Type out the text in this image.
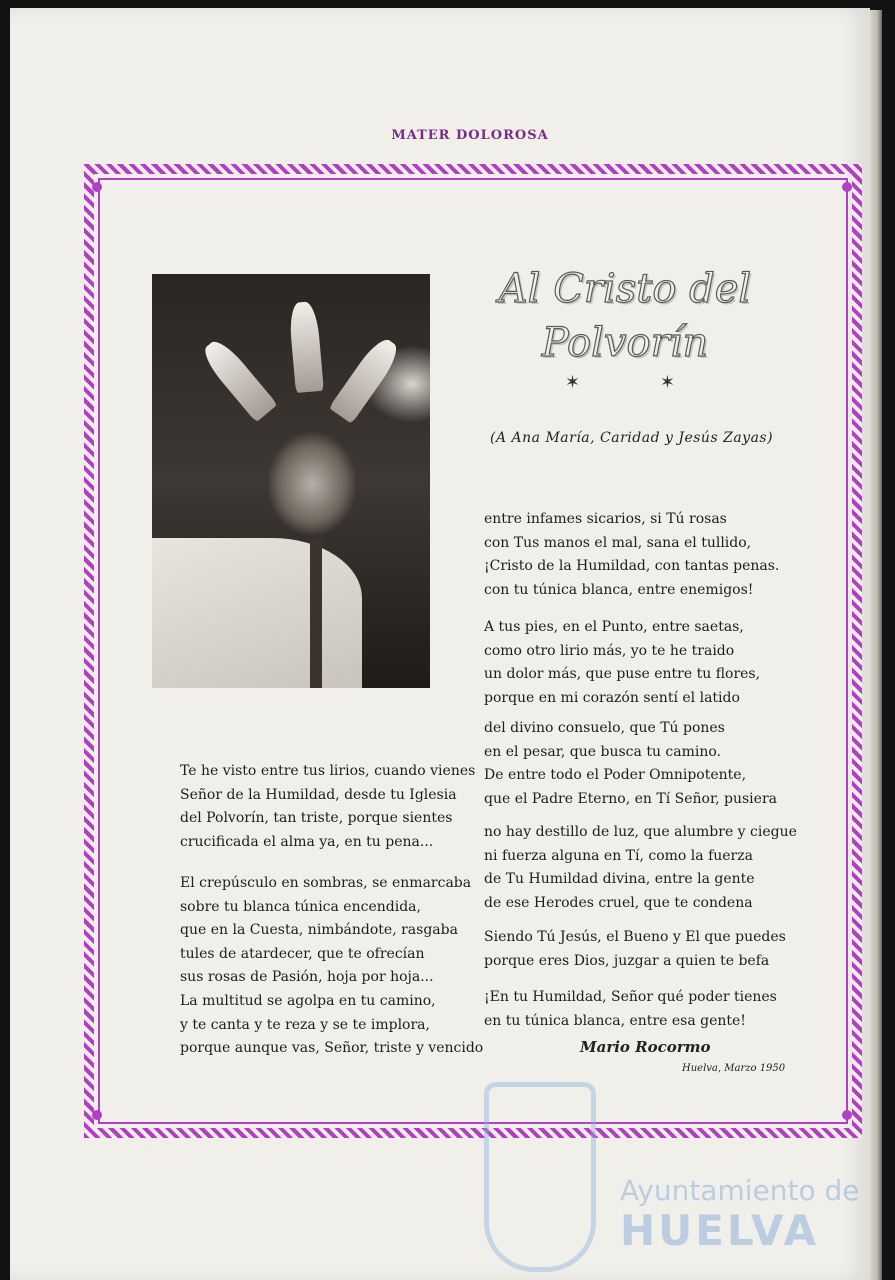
MATER DOLOROSA
Al Cristo del
Polvorín
✶	✶
(A Ana María, Caridad y Jesús Zayas)
Te he visto entre tus lirios, cuando vienes
Señor de la Humildad, desde tu Iglesia
del Polvorín, tan triste, porque sientes
crucificada el alma ya, en tu pena...
El crepúsculo en sombras, se enmarcaba
sobre tu blanca túnica encendida,
que en la Cuesta, nimbándote, rasgaba
tules de atardecer, que te ofrecían
sus rosas de Pasión, hoja por hoja...
La multitud se agolpa en tu camino,
y te canta y te reza y se te implora,
porque aunque vas, Señor, triste y vencido
entre infames sicarios, si Tú rosas
con Tus manos el mal, sana el tullido,
¡Cristo de la Humildad, con tantas penas.
con tu túnica blanca, entre enemigos!
A tus pies, en el Punto, entre saetas,
como otro lirio más, yo te he traido
un dolor más, que puse entre tu flores,
porque en mi corazón sentí el latido
del divino consuelo, que Tú pones
en el pesar, que busca tu camino.
De entre todo el Poder Omnipotente,
que el Padre Eterno, en Tí Señor, pusiera
no hay destillo de luz, que alumbre y ciegue
ni fuerza alguna en Tí, como la fuerza
de Tu Humildad divina, entre la gente
de ese Herodes cruel, que te condena
Siendo Tú Jesús, el Bueno y El que puedes
porque eres Dios, juzgar a quien te befa
¡En tu Humildad, Señor qué poder tienes
en tu túnica blanca, entre esa gente!
Mario Rocormo
Huelva, Marzo 1950
Ayuntamiento de
HUELVA
